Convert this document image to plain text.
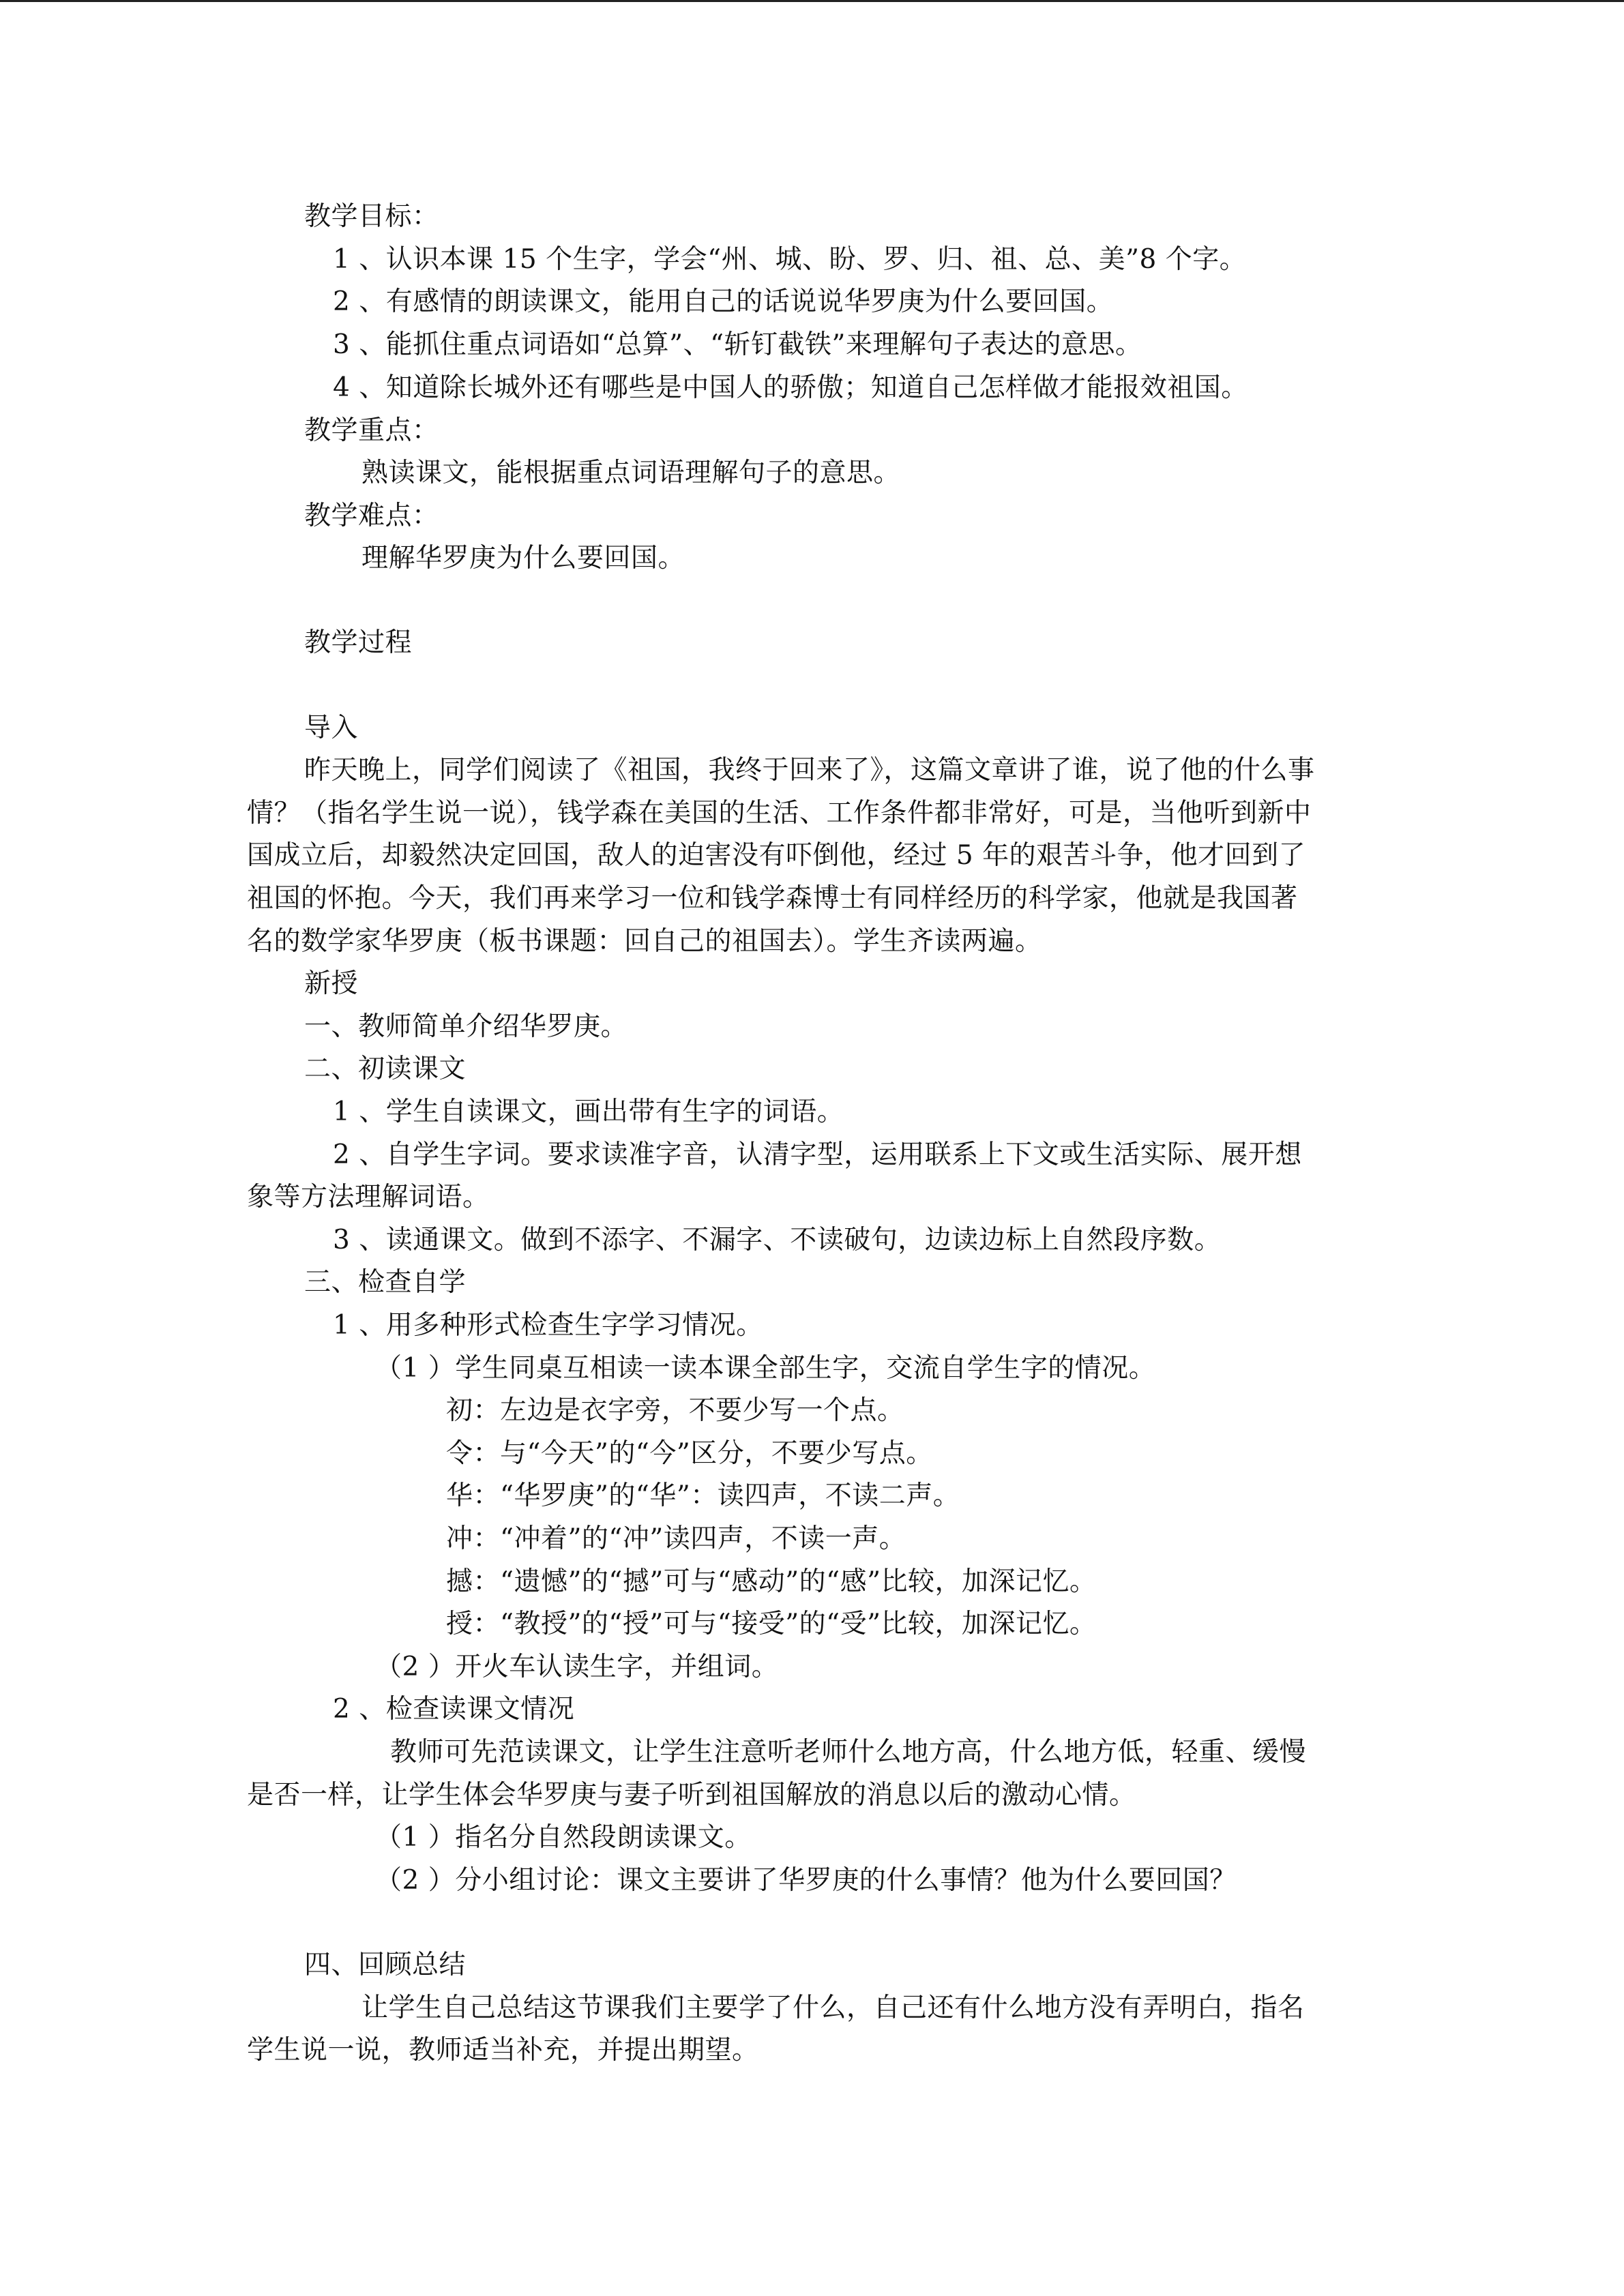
教学目标：
1 、认识本课 15 个生字，学会“州、城、盼、罗、归、祖、总、美”8 个字。
2 、有感情的朗读课文，能用自己的话说说华罗庚为什么要回国。
3 、能抓住重点词语如“总算”、“斩钉截铁”来理解句子表达的意思。
4 、知道除长城外还有哪些是中国人的骄傲；知道自己怎样做才能报效祖国。
教学重点：
熟读课文，能根据重点词语理解句子的意思。
教学难点：
理解华罗庚为什么要回国。
教学过程
导入
昨天晚上，同学们阅读了《祖国，我终于回来了》，这篇文章讲了谁，说了他的什么事
情？（指名学生说一说），钱学森在美国的生活、工作条件都非常好，可是，当他听到新中
国成立后，却毅然决定回国，敌人的迫害没有吓倒他，经过 5 年的艰苦斗争，他才回到了
祖国的怀抱。今天，我们再来学习一位和钱学森博士有同样经历的科学家，他就是我国著
名的数学家华罗庚（板书课题：回自己的祖国去）。学生齐读两遍。
新授
一、教师简单介绍华罗庚。
二、初读课文
1 、学生自读课文，画出带有生字的词语。
2 、自学生字词。要求读准字音，认清字型，运用联系上下文或生活实际、展开想
象等方法理解词语。
3 、读通课文。做到不添字、不漏字、不读破句，边读边标上自然段序数。
三、检查自学
1 、用多种形式检查生字学习情况。
（1 ）学生同桌互相读一读本课全部生字，交流自学生字的情况。
初：左边是衣字旁，不要少写一个点。
令：与“今天”的“今”区分，不要少写点。
华：“华罗庚”的“华”：读四声，不读二声。
冲：“冲着”的“冲”读四声，不读一声。
撼：“遗憾”的“撼”可与“感动”的“感”比较，加深记忆。
授：“教授”的“授”可与“接受”的“受”比较，加深记忆。
（2 ）开火车认读生字，并组词。
2 、检查读课文情况
教师可先范读课文，让学生注意听老师什么地方高，什么地方低，轻重、缓慢
是否一样，让学生体会华罗庚与妻子听到祖国解放的消息以后的激动心情。
（1 ）指名分自然段朗读课文。
（2 ）分小组讨论：课文主要讲了华罗庚的什么事情？他为什么要回国？
四、回顾总结
让学生自己总结这节课我们主要学了什么，自己还有什么地方没有弄明白，指名
学生说一说，教师适当补充，并提出期望。
